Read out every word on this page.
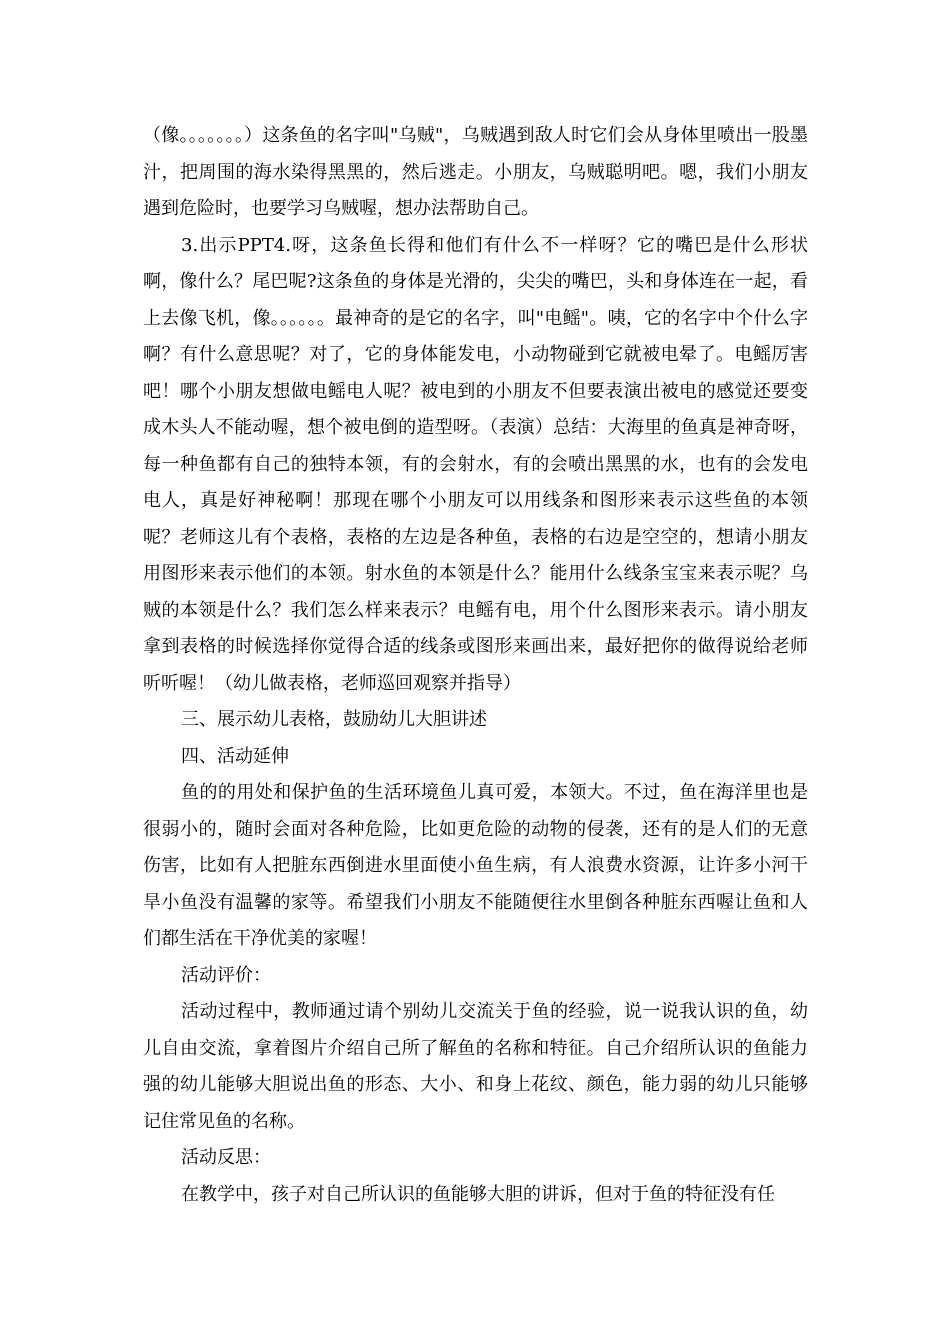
（像。。。。。。。）这条鱼的名字叫"乌贼"，乌贼遇到敌人时它们会从身体里喷出一股墨汁，把周围的海水染得黑黑的，然后逃走。小朋友，乌贼聪明吧。嗯，我们小朋友遇到危险时，也要学习乌贼喔，想办法帮助自己。

3.出示PPT4.呀，这条鱼长得和他们有什么不一样呀？它的嘴巴是什么形状啊，像什么？尾巴呢?这条鱼的身体是光滑的，尖尖的嘴巴，头和身体连在一起，看上去像飞机，像。。。。。。最神奇的是它的名字，叫"电鳐"。咦，它的名字中个什么字啊？有什么意思呢？对了，它的身体能发电，小动物碰到它就被电晕了。电鳐厉害吧！哪个小朋友想做电鳐电人呢？被电到的小朋友不但要表演出被电的感觉还要变成木头人不能动喔，想个被电倒的造型呀。（表演）总结：大海里的鱼真是神奇呀，每一种鱼都有自己的独特本领，有的会射水，有的会喷出黑黑的水，也有的会发电电人，真是好神秘啊！那现在哪个小朋友可以用线条和图形来表示这些鱼的本领呢？老师这儿有个表格，表格的左边是各种鱼，表格的右边是空空的，想请小朋友用图形来表示他们的本领。射水鱼的本领是什么？能用什么线条宝宝来表示呢？乌贼的本领是什么？我们怎么样来表示？电鳐有电，用个什么图形来表示。请小朋友拿到表格的时候选择你觉得合适的线条或图形来画出来，最好把你的做得说给老师听听喔！（幼儿做表格，老师巡回观察并指导）

三、展示幼儿表格，鼓励幼儿大胆讲述

四、活动延伸

鱼的的用处和保护鱼的生活环境鱼儿真可爱，本领大。不过，鱼在海洋里也是很弱小的，随时会面对各种危险，比如更危险的动物的侵袭，还有的是人们的无意伤害，比如有人把脏东西倒进水里面使小鱼生病，有人浪费水资源，让许多小河干旱小鱼没有温馨的家等。希望我们小朋友不能随便往水里倒各种脏东西喔让鱼和人们都生活在干净优美的家喔！

活动评价：

活动过程中，教师通过请个别幼儿交流关于鱼的经验，说一说我认识的鱼，幼儿自由交流，拿着图片介绍自己所了解鱼的名称和特征。自己介绍所认识的鱼能力强的幼儿能够大胆说出鱼的形态、大小、和身上花纹、颜色，能力弱的幼儿只能够记住常见鱼的名称。

活动反思：

在教学中，孩子对自己所认识的鱼能够大胆的讲诉，但对于鱼的特征没有任
